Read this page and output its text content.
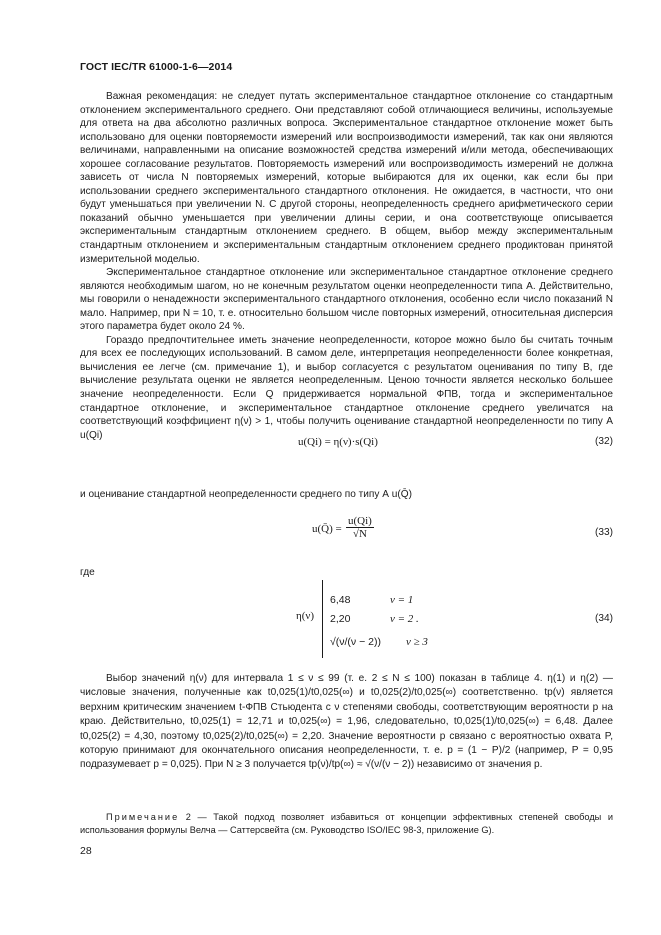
ГОСТ IEC/TR 61000-1-6—2014

Важная рекомендация: не следует путать экспериментальное стандартное отклонение со стандартным отклонением экспериментального среднего. Они представляют собой отличающиеся величины, используемые для ответа на два абсолютно различных вопроса. Экспериментальное стандартное отклонение может быть использовано для оценки повторяемости измерений или воспроизводимости измерений, так как они являются величинами, направленными на описание возможностей средства измерений и/или метода, обеспечивающих хорошее согласование результатов. Повторяемость измерений или воспроизводимость измерений не должна зависеть от числа N повторяемых измерений, которые выбираются для их оценки, как если бы при использовании среднего экспериментального стандартного отклонения. Не ожидается, в частности, что они будут уменьшаться при увеличении N. С другой стороны, неопределенность среднего арифметического серии показаний обычно уменьшается при увеличении длины серии, и она соответствующе описывается экспериментальным стандартным отклонением среднего. В общем, выбор между экспериментальным стандартным отклонением и экспериментальным стандартным отклонением среднего продиктован принятой измерительной моделью.

Экспериментальное стандартное отклонение или экспериментальное стандартное отклонение среднего являются необходимым шагом, но не конечным результатом оценки неопределенности типа А. Действительно, мы говорили о ненадежности экспериментального стандартного отклонения, особенно если число показаний N мало. Например, при N = 10, т. е. относительно большом числе повторных измерений, относительная дисперсия этого параметра будет около 24 %.

Гораздо предпочтительнее иметь значение неопределенности, которое можно было бы считать точным для всех ее последующих использований. В самом деле, интерпретация неопределенности более конкретная, вычисления ее легче (см. примечание 1), и выбор согласуется с результатом оценивания по типу В, где вычисление результата оценки не является неопределенным. Ценою точности является несколько большее значение неопределенности. Если Q придерживается нормальной ФПВ, тогда и экспериментальное стандартное отклонение, и экспериментальное стандартное отклонение среднего увеличатся на соответствующий коэффициент η(ν) > 1, чтобы получить оценивание стандартной неопределенности по типу А u(Qi)

u(Qi) = η(ν)·s(Qi)	(32)
и оценивание стандартной неопределенности среднего по типу А u(Q̄)
u(Q̄) = $\frac{u(Qi)}{√N}$	(33)
где
η(ν)
6,48	ν = 1
2,20	ν = 2 .
√(ν/(ν − 2)) ν ≥ 3
(34)

Выбор значений η(ν) для интервала 1 ≤ ν ≤ 99 (т. е. 2 ≤ N ≤ 100) показан в таблице 4. η(1) и η(2) — числовые значения, полученные как t0,025(1)/t0,025(∞) и t0,025(2)/t0,025(∞) соответственно. tp(ν) является верхним критическим значением t-ФПВ Стьюдента с ν степенями свободы, соответствующим вероятности p на краю. Действительно, t0,025(1) = 12,71 и t0,025(∞) = 1,96, следовательно, t0,025(1)/t0,025(∞) = 6,48. Далее t0,025(2) = 4,30, поэтому t0,025(2)/t0,025(∞) = 2,20. Значение вероятности p связано с вероятностью охвата P, которую принимают для окончательного описания неопределенности, т. е. p = (1 − P)/2 (например, P = 0,95 подразумевает p = 0,025). При N ≥ 3 получается tp(ν)/tp(∞) ≈ √(ν/(ν − 2)) независимо от значения p.

Примечание 2 — Такой подход позволяет избавиться от концепции эффективных степеней свободы и использования формулы Велча — Саттерсвейта (см. Руководство ISO/IEC 98-3, приложение G).
28
